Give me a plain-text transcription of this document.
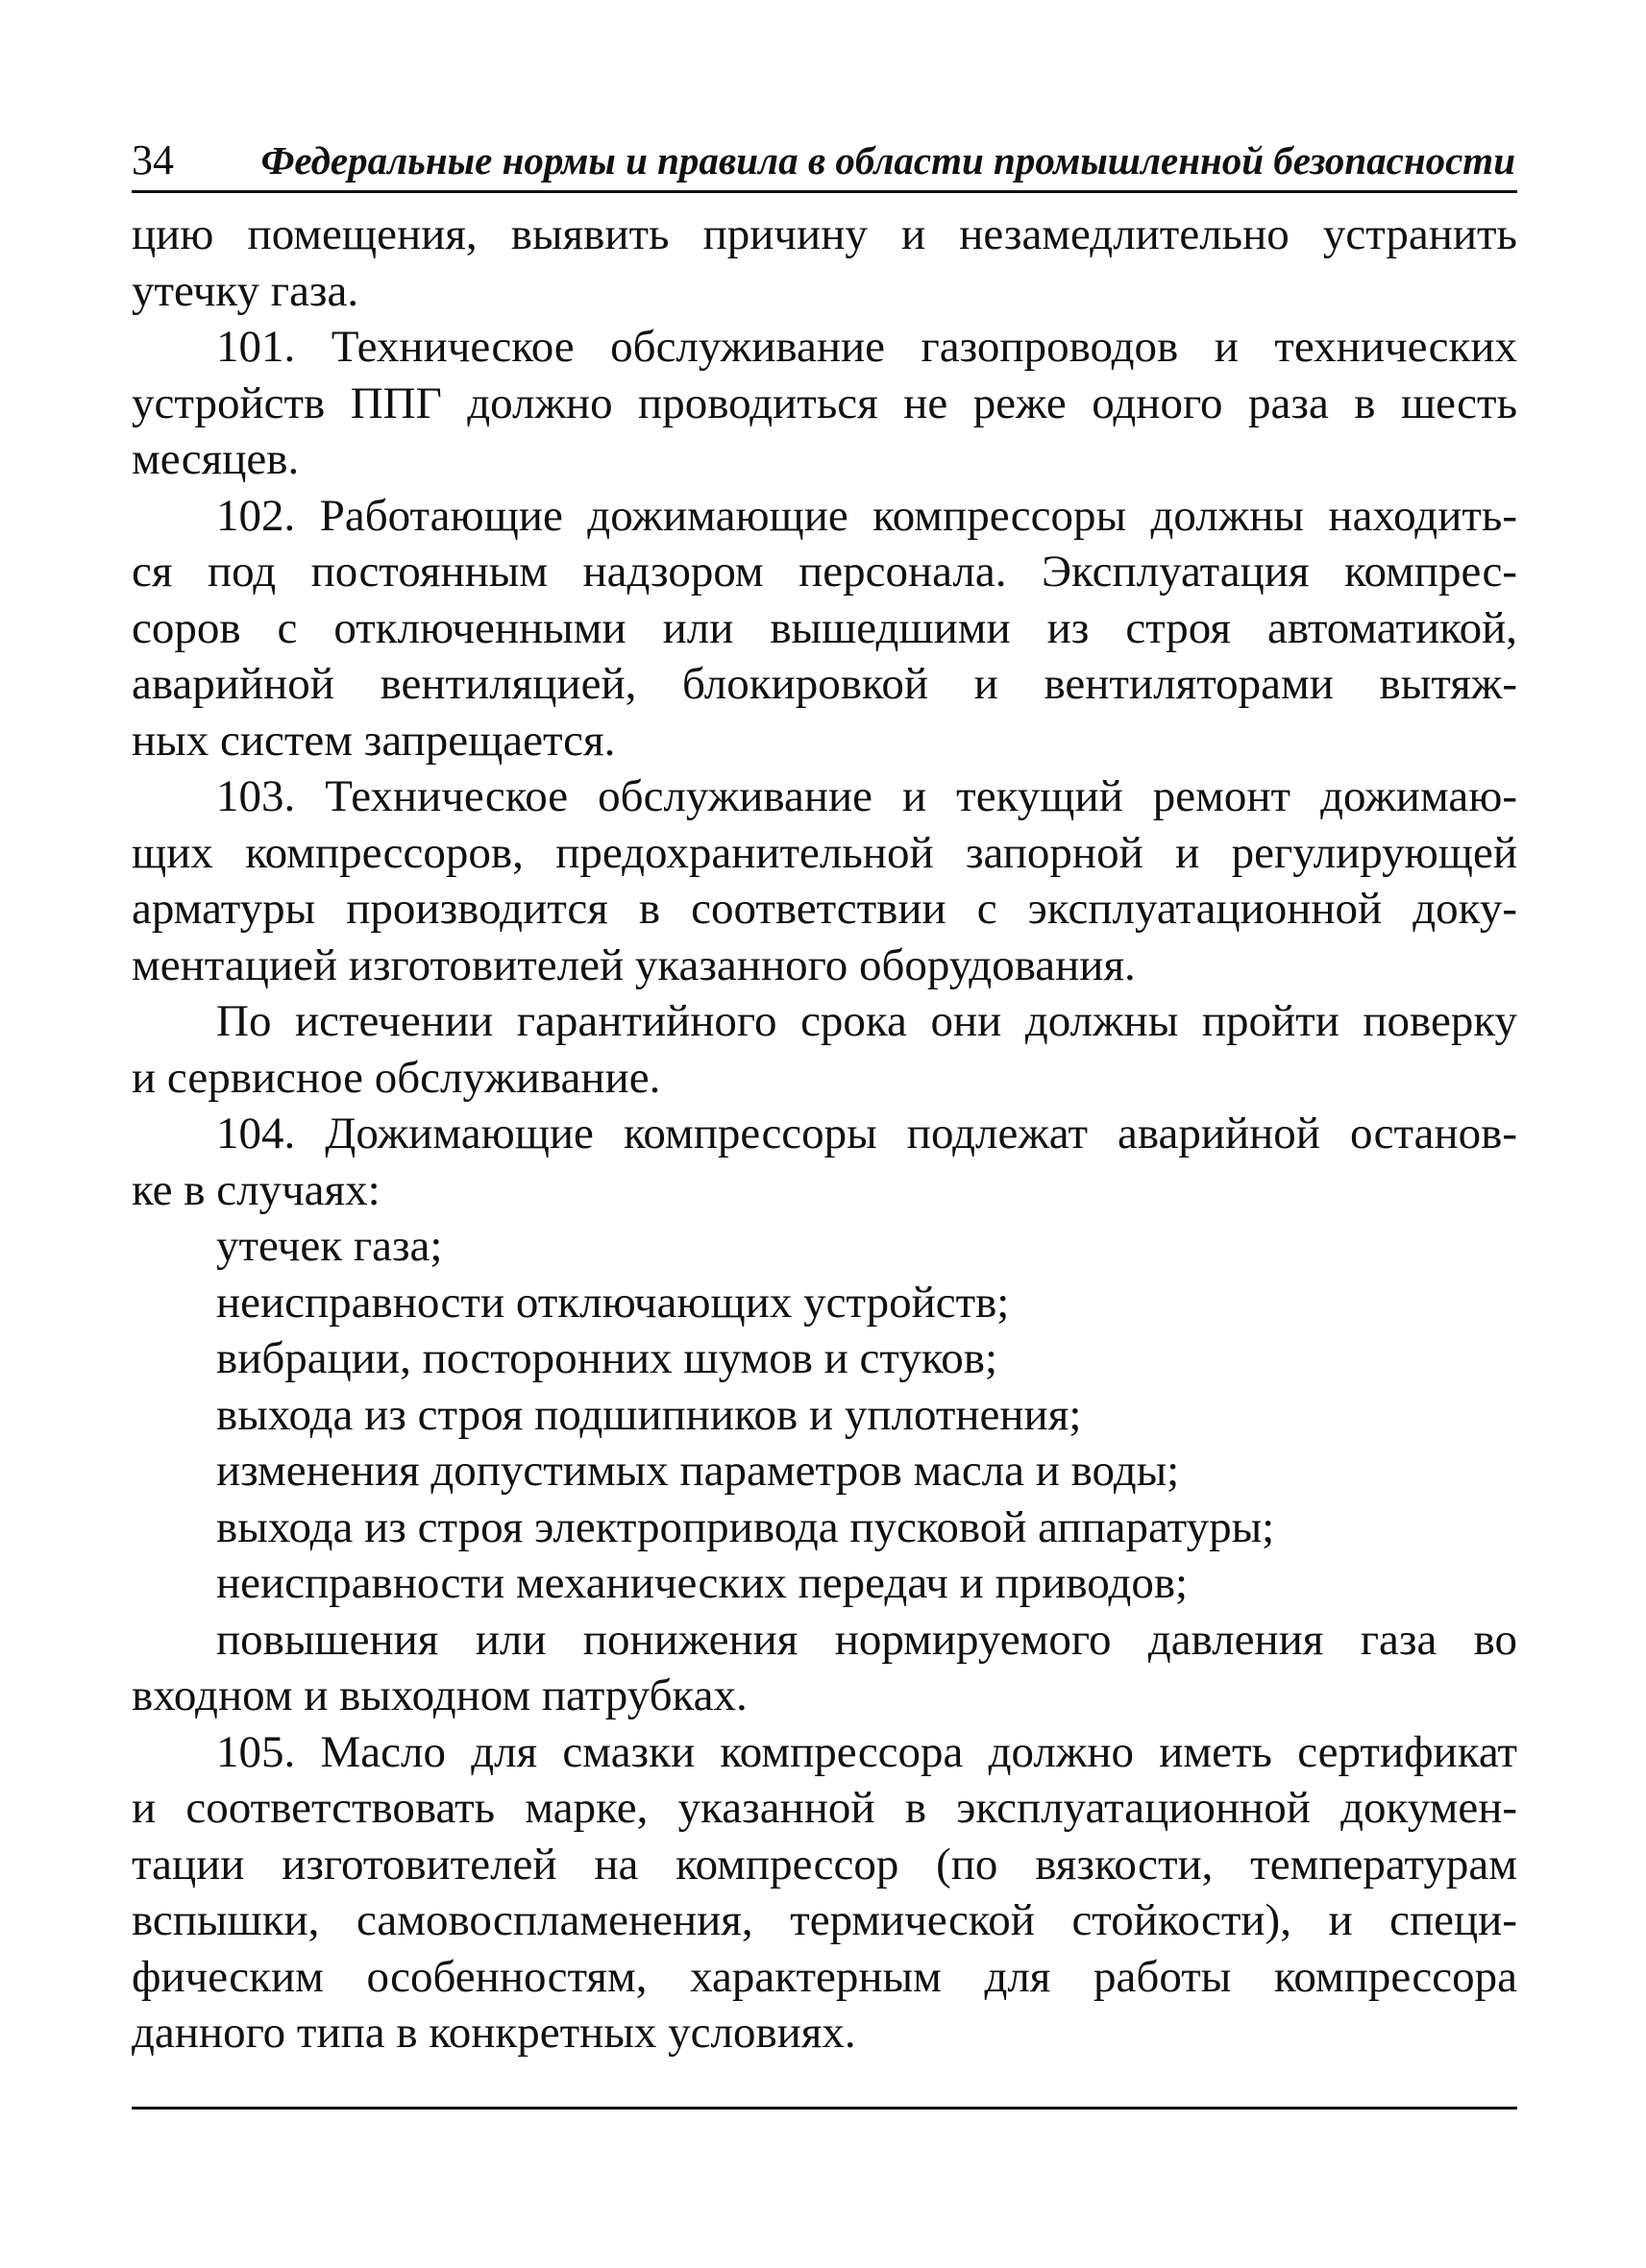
34 Федеральные нормы и правила в области промышленной безопасности
цию помещения, выявить причину и незамедлительно устранить
утечку газа.
101. Техническое обслуживание газопроводов и технических
устройств ППГ должно проводиться не реже одного раза в шесть
месяцев.
102. Работающие дожимающие компрессоры должны находить-
ся под постоянным надзором персонала. Эксплуатация компрес-
соров с отключенными или вышедшими из строя автоматикой,
аварийной вентиляцией, блокировкой и вентиляторами вытяж-
ных систем запрещается.
103. Техническое обслуживание и текущий ремонт дожимаю-
щих компрессоров, предохранительной запорной и регулирующей
арматуры производится в соответствии с эксплуатационной доку-
ментацией изготовителей указанного оборудования.
По истечении гарантийного срока они должны пройти поверку
и сервисное обслуживание.
104. Дожимающие компрессоры подлежат аварийной останов-
ке в случаях:
утечек газа;
неисправности отключающих устройств;
вибрации, посторонних шумов и стуков;
выхода из строя подшипников и уплотнения;
изменения допустимых параметров масла и воды;
выхода из строя электропривода пусковой аппаратуры;
неисправности механических передач и приводов;
повышения или понижения нормируемого давления газа во
входном и выходном патрубках.
105. Масло для смазки компрессора должно иметь сертификат
и соответствовать марке, указанной в эксплуатационной докумен-
тации изготовителей на компрессор (по вязкости, температурам
вспышки, самовоспламенения, термической стойкости), и специ-
фическим особенностям, характерным для работы компрессора
данного типа в конкретных условиях.
